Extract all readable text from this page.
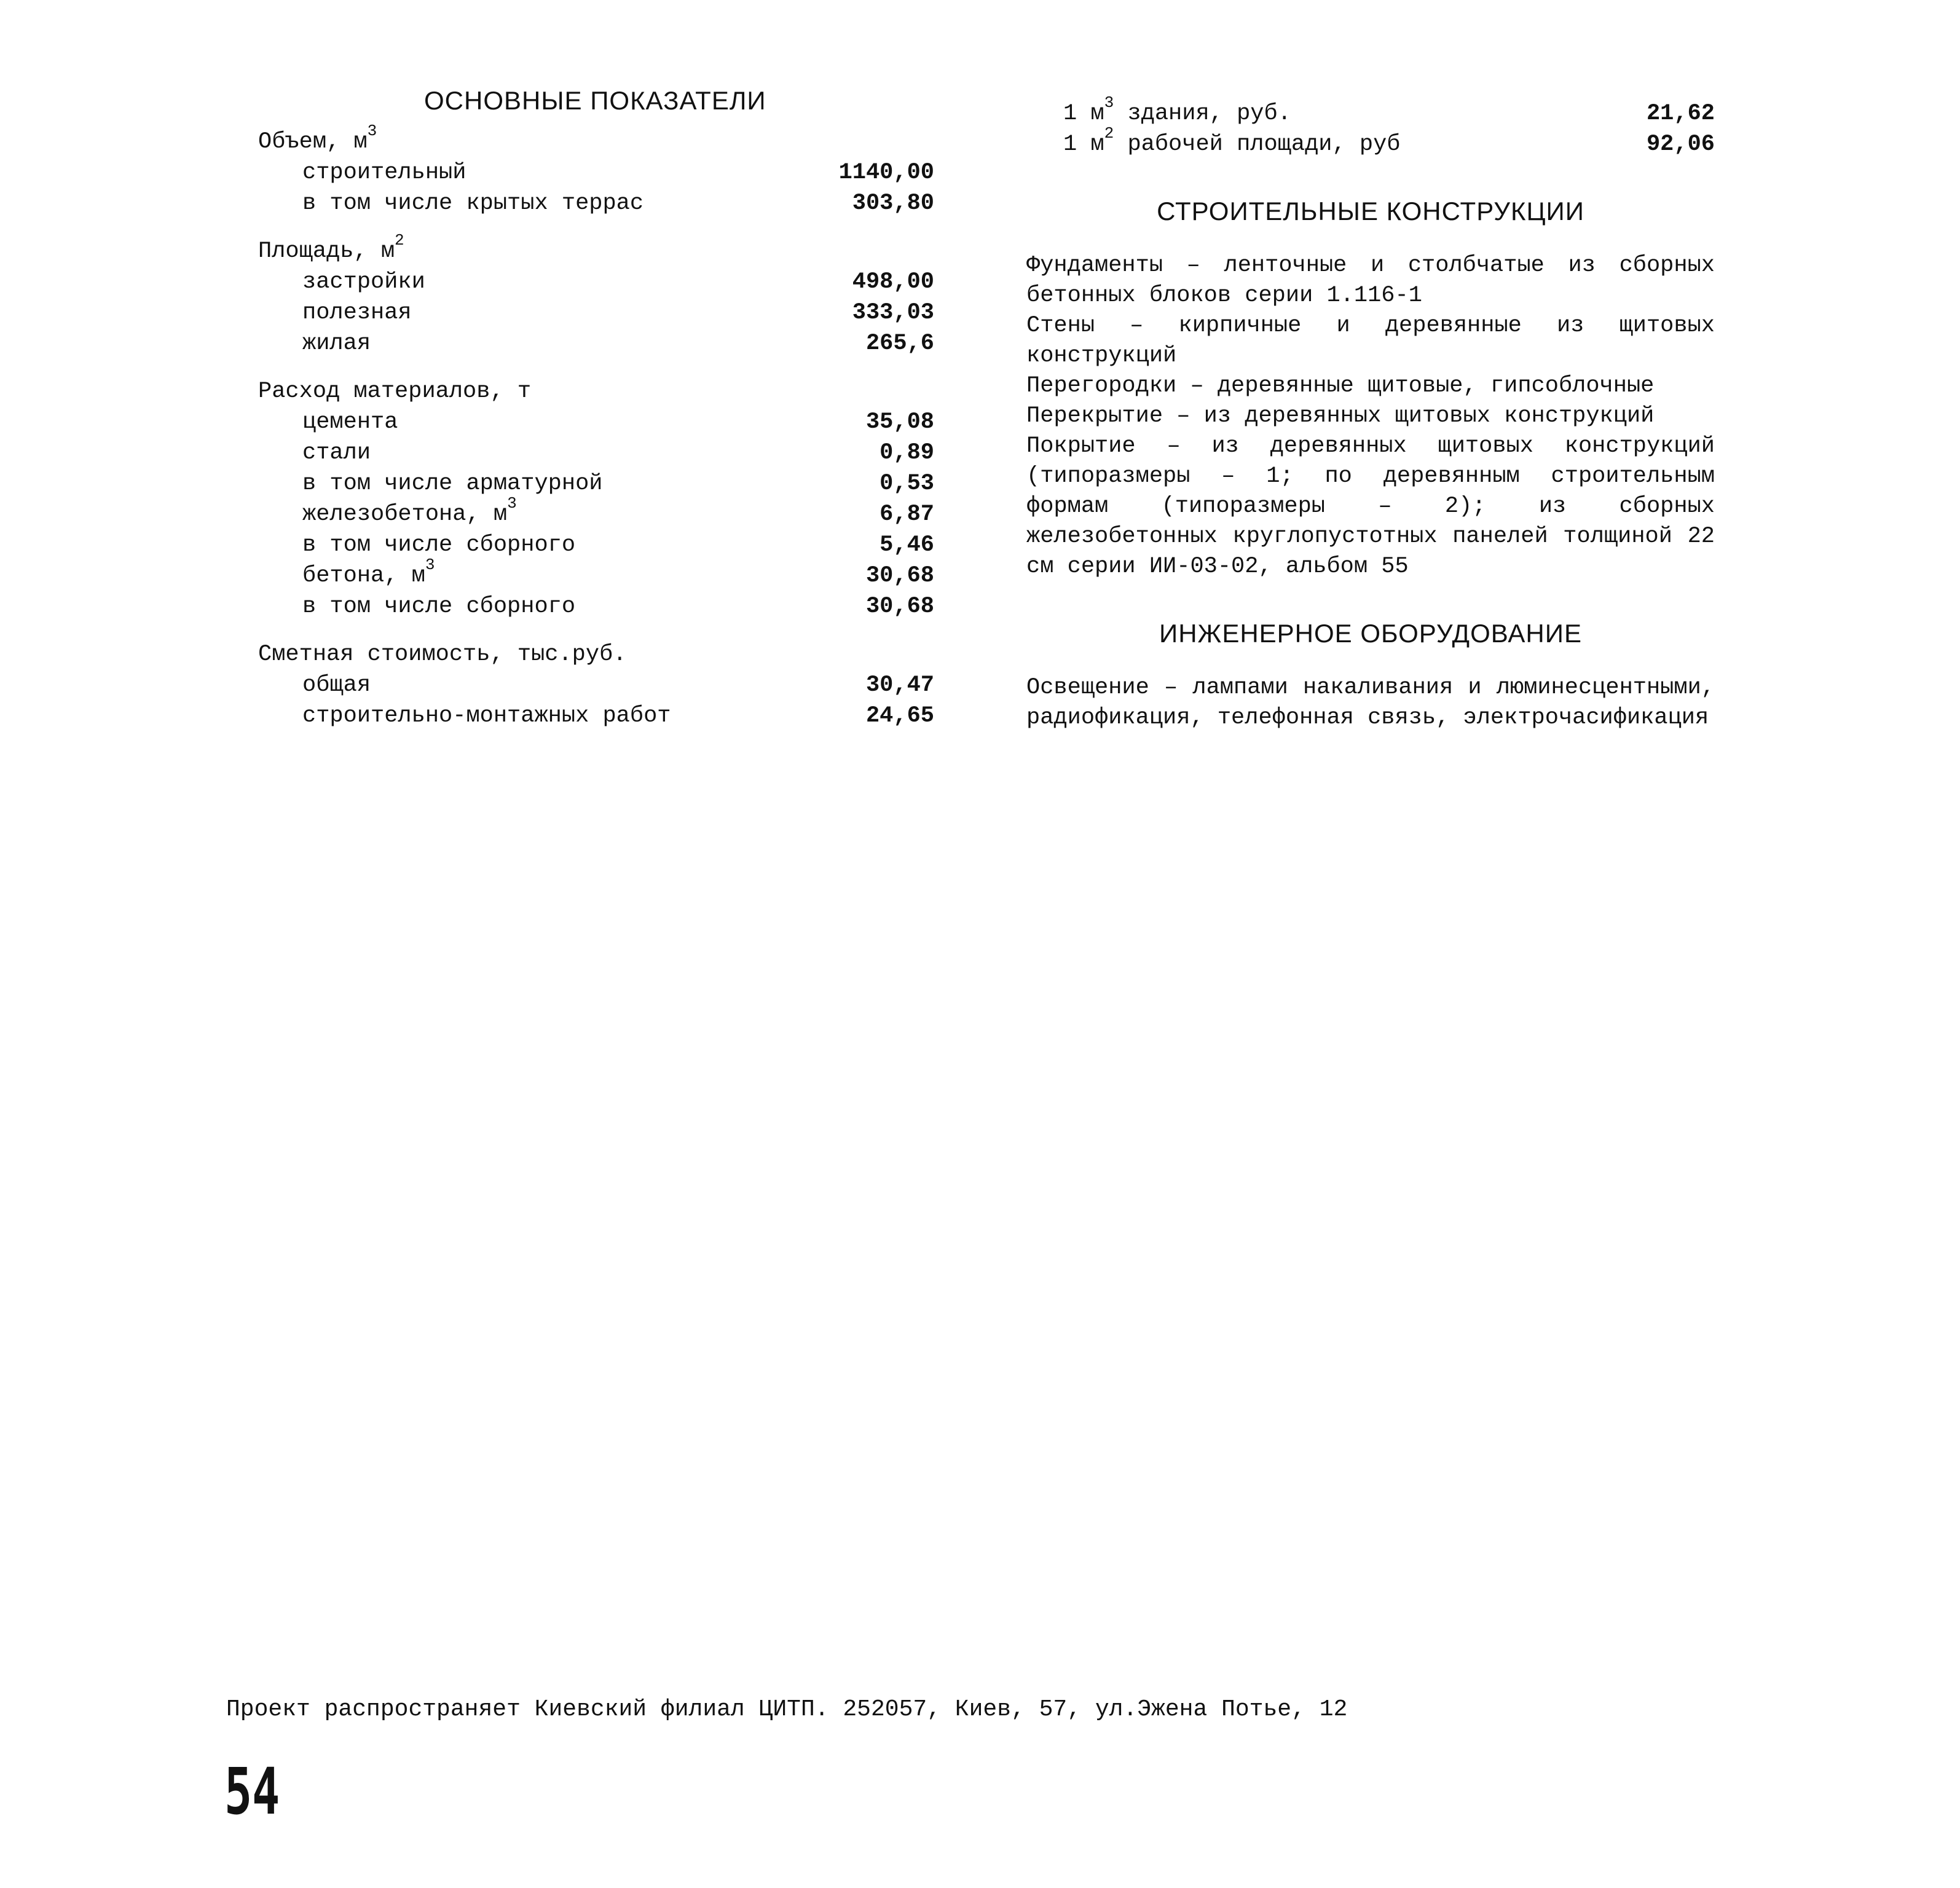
ОСНОВНЫЕ ПОКАЗАТЕЛИ
Объем, $м^3$
строительный	1140,00
в том числе крытых террас	303,80
Площадь, $м^2$
застройки	498,00
полезная	333,03
жилая	265,6
Расход материалов, т
цемента	35,08
стали	0,89
в том числе арматурной	0,53
железобетона, $м^3$	6,87
в том числе сборного	5,46
бетона, $м^3$	30,68
в том числе сборного	30,68
Сметная стоимость, тыс.руб.
общая	30,47
строительно-монтажных работ	24,65
1 $м^3$ здания, руб.	21,62
1 $м^2$ рабочей площади, руб	92,06
СТРОИТЕЛЬНЫЕ КОНСТРУКЦИИ

Фундаменты – ленточные и столбчатые из сборных бетонных блоков серии 1.116-1

Стены – кирпичные и деревянные из щитовых конструкций

Перегородки – деревянные щитовые, гипсоблочные

Перекрытие – из деревянных щитовых конструкций

Покрытие – из деревянных щитовых конструкций (типоразмеры – 1; по деревянным строительным формам (типоразмеры – 2); из сборных железобетонных круглопустотных панелей толщиной 22 см серии ИИ-03-02, альбом 55

ИНЖЕНЕРНОЕ ОБОРУДОВАНИЕ

Освещение – лампами накаливания и люминесцентными, радиофикация, телефонная связь, электрочасификация

Проект распространяет Киевский филиал ЦИТП. 252057, Киев, 57, ул.Эжена Потье, 12
54
